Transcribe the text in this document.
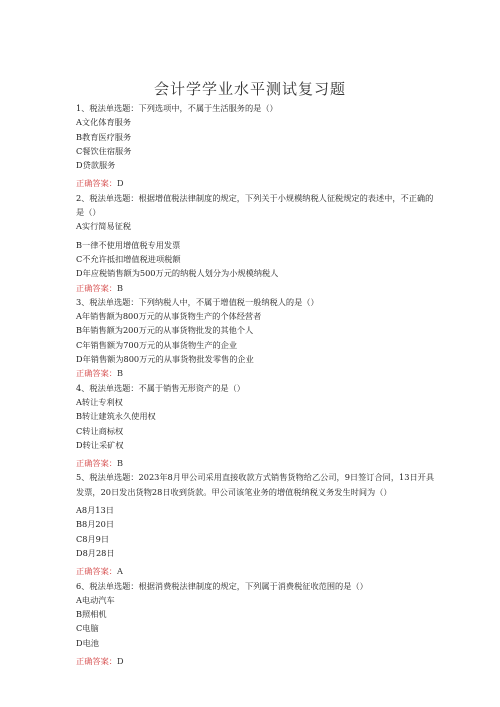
会计学学业水平测试复习题

1、税法单选题：下列选项中，不属于生活服务的是（）

A文化体育服务

B教育医疗服务

C餐饮住宿服务

D贷款服务

正确答案：D

2、税法单选题：根据增值税法律制度的规定，下列关于小规模纳税人征税规定的表述中，不正确的是（）

A实行简易征税

B一律不使用增值税专用发票

C不允许抵扣增值税进项税额

D年应税销售额为500万元的纳税人划分为小规模纳税人

正确答案：B

3、税法单选题：下列纳税人中，不属于增值税一般纳税人的是（）

A年销售额为800万元的从事货物生产的个体经营者

B年销售额为200万元的从事货物批发的其他个人

C年销售额为700万元的从事货物生产的企业

D年销售额为800万元的从事货物批发零售的企业

正确答案：B

4、税法单选题：不属于销售无形资产的是（）

A转让专利权

B转让建筑永久使用权

C转让商标权

D转让采矿权

正确答案：B

5、税法单选题：2023年8月甲公司采用直接收款方式销售货物给乙公司，9日签订合同，13日开具发票，20日发出货物28日收到货款。甲公司该笔业务的增值税纳税义务发生时间为（）

A8月13日

B8月20日

C8月9日

D8月28日

正确答案：A

6、税法单选题：根据消费税法律制度的规定，下列属于消费税征收范围的是（）

A电动汽车

B照相机

C电脑

D电池

正确答案：D
